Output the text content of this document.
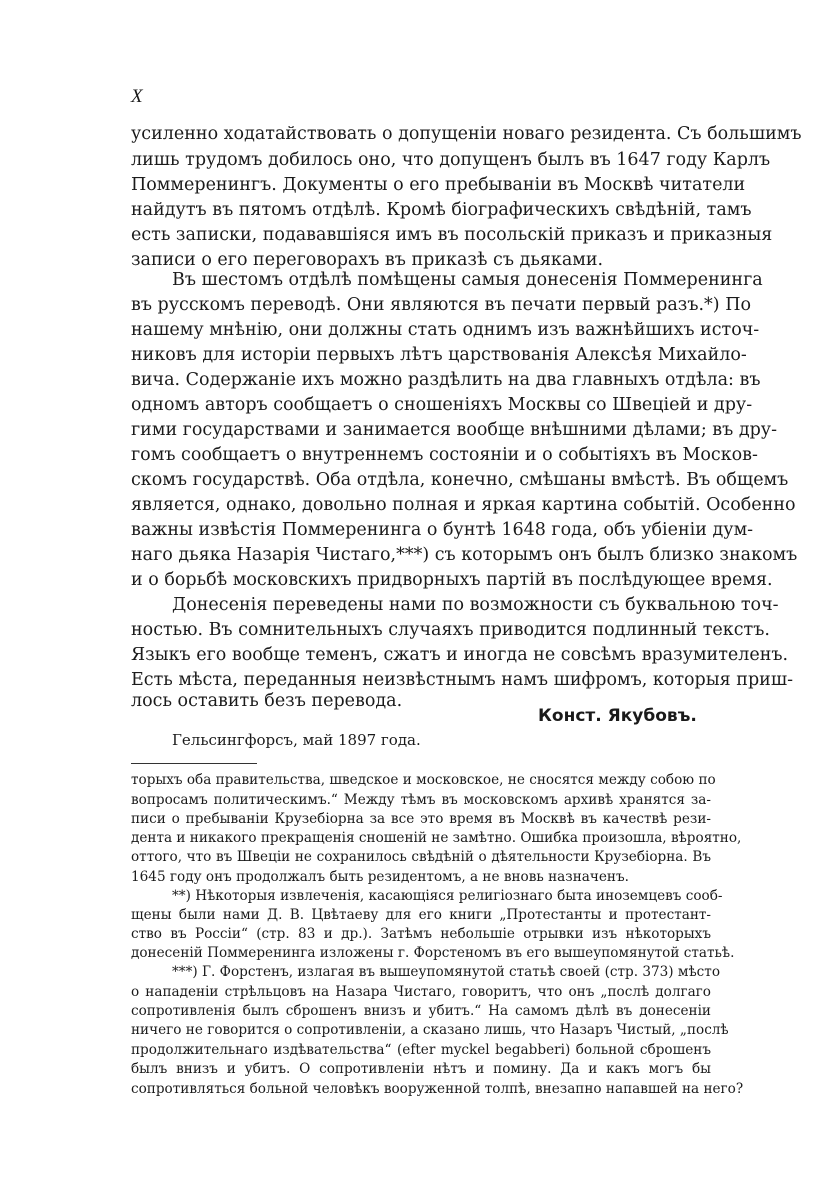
X
усиленно ходатайствовать о допущенiи новаго резидента. Съ большимъ
лишь трудомъ добилось оно, что допущенъ былъ въ 1647 году Карлъ
Поммеренингъ. Документы о его пребыванiи въ Москвѣ читатели
найдутъ въ пятомъ отдѣлѣ. Кромѣ бiографическихъ свѣдѣнiй, тамъ
есть записки, подававшiяся имъ въ посольскiй приказъ и приказныя
записи о его переговорахъ въ приказѣ съ дьяками.
Въ шестомъ отдѣлѣ помѣщены самыя донесенiя Поммеренинга
въ русскомъ переводѣ. Они являются въ печати первый разъ.*) По
нашему мнѣнiю, они должны стать однимъ изъ важнѣйшихъ источ-
никовъ для исторiи первыхъ лѣтъ царствованiя Алексѣя Михайло-
вича. Содержанiе ихъ можно раздѣлить на два главныхъ отдѣла: въ
одномъ авторъ сообщаетъ о сношенiяхъ Москвы со Швецiей и дру-
гими государствами и занимается вообще внѣшними дѣлами; въ дру-
гомъ сообщаетъ о внутреннемъ состоянiи и о событiяхъ въ Москов-
скомъ государствѣ. Оба отдѣла, конечно, смѣшаны вмѣстѣ. Въ общемъ
является, однако, довольно полная и яркая картина событiй. Особенно
важны извѣстiя Поммеренинга о бунтѣ 1648 года, объ убiенiи дум-
наго дьяка Назарiя Чистаго,***) съ которымъ онъ былъ близко знакомъ
и о борьбѣ московскихъ придворныхъ партiй въ послѣдующее время.
Донесенiя переведены нами по возможности съ буквальною точ-
ностью. Въ сомнительныхъ случаяхъ приводится подлинный текстъ.
Языкъ его вообще теменъ, сжатъ и иногда не совсѣмъ вразумителенъ.
Есть мѣста, переданныя неизвѣстнымъ намъ шифромъ, которыя приш-
лось оставить безъ перевода.
Конст. Якубовъ.
Гельсингфорсъ, май 1897 года.
торыхъ оба правительства, шведское и московское, не сносятся между собою по
вопросамъ политическимъ.“ Между тѣмъ въ московскомъ архивѣ хранятся за-
писи о пребыванiи Крузебiорна за все это время въ Москвѣ въ качествѣ рези-
дента и никакого прекращенiя сношенiй не замѣтно. Ошибка произошла, вѣроятно,
оттого, что въ Швецiи не сохранилось свѣдѣнiй о дѣятельности Крузебiорна. Въ
1645 году онъ продолжалъ быть резидентомъ, а не вновь назначенъ.
**) Нѣкоторыя извлеченiя, касающiяся религiознаго быта иноземцевъ сооб-
щены были нами Д. В. Цвѣтаеву для его книги „Протестанты и протестант-
ство въ Россiи“ (стр. 83 и др.). Затѣмъ небольшiе отрывки изъ нѣкоторыхъ
донесенiй Поммеренинга изложены г. Форстеномъ въ его вышеупомянутой статьѣ.
***) Г. Форстенъ, излагая въ вышеупомянутой статьѣ своей (стр. 373) мѣсто
о нападенiи стрѣльцовъ на Назара Чистаго, говоритъ, что онъ „послѣ долгаго
сопротивленiя былъ сброшенъ внизъ и убитъ.“ На самомъ дѣлѣ въ донесенiи
ничего не говорится о сопротивленiи, а сказано лишь, что Назаръ Чистый, „послѣ
продолжительнаго издѣвательства“ (efter myckel begabberi) больной сброшенъ
былъ внизъ и убитъ. О сопротивленiи нѣтъ и помину. Да и какъ могъ бы
сопротивляться больной человѣкъ вооруженной толпѣ, внезапно напавшей на него?
